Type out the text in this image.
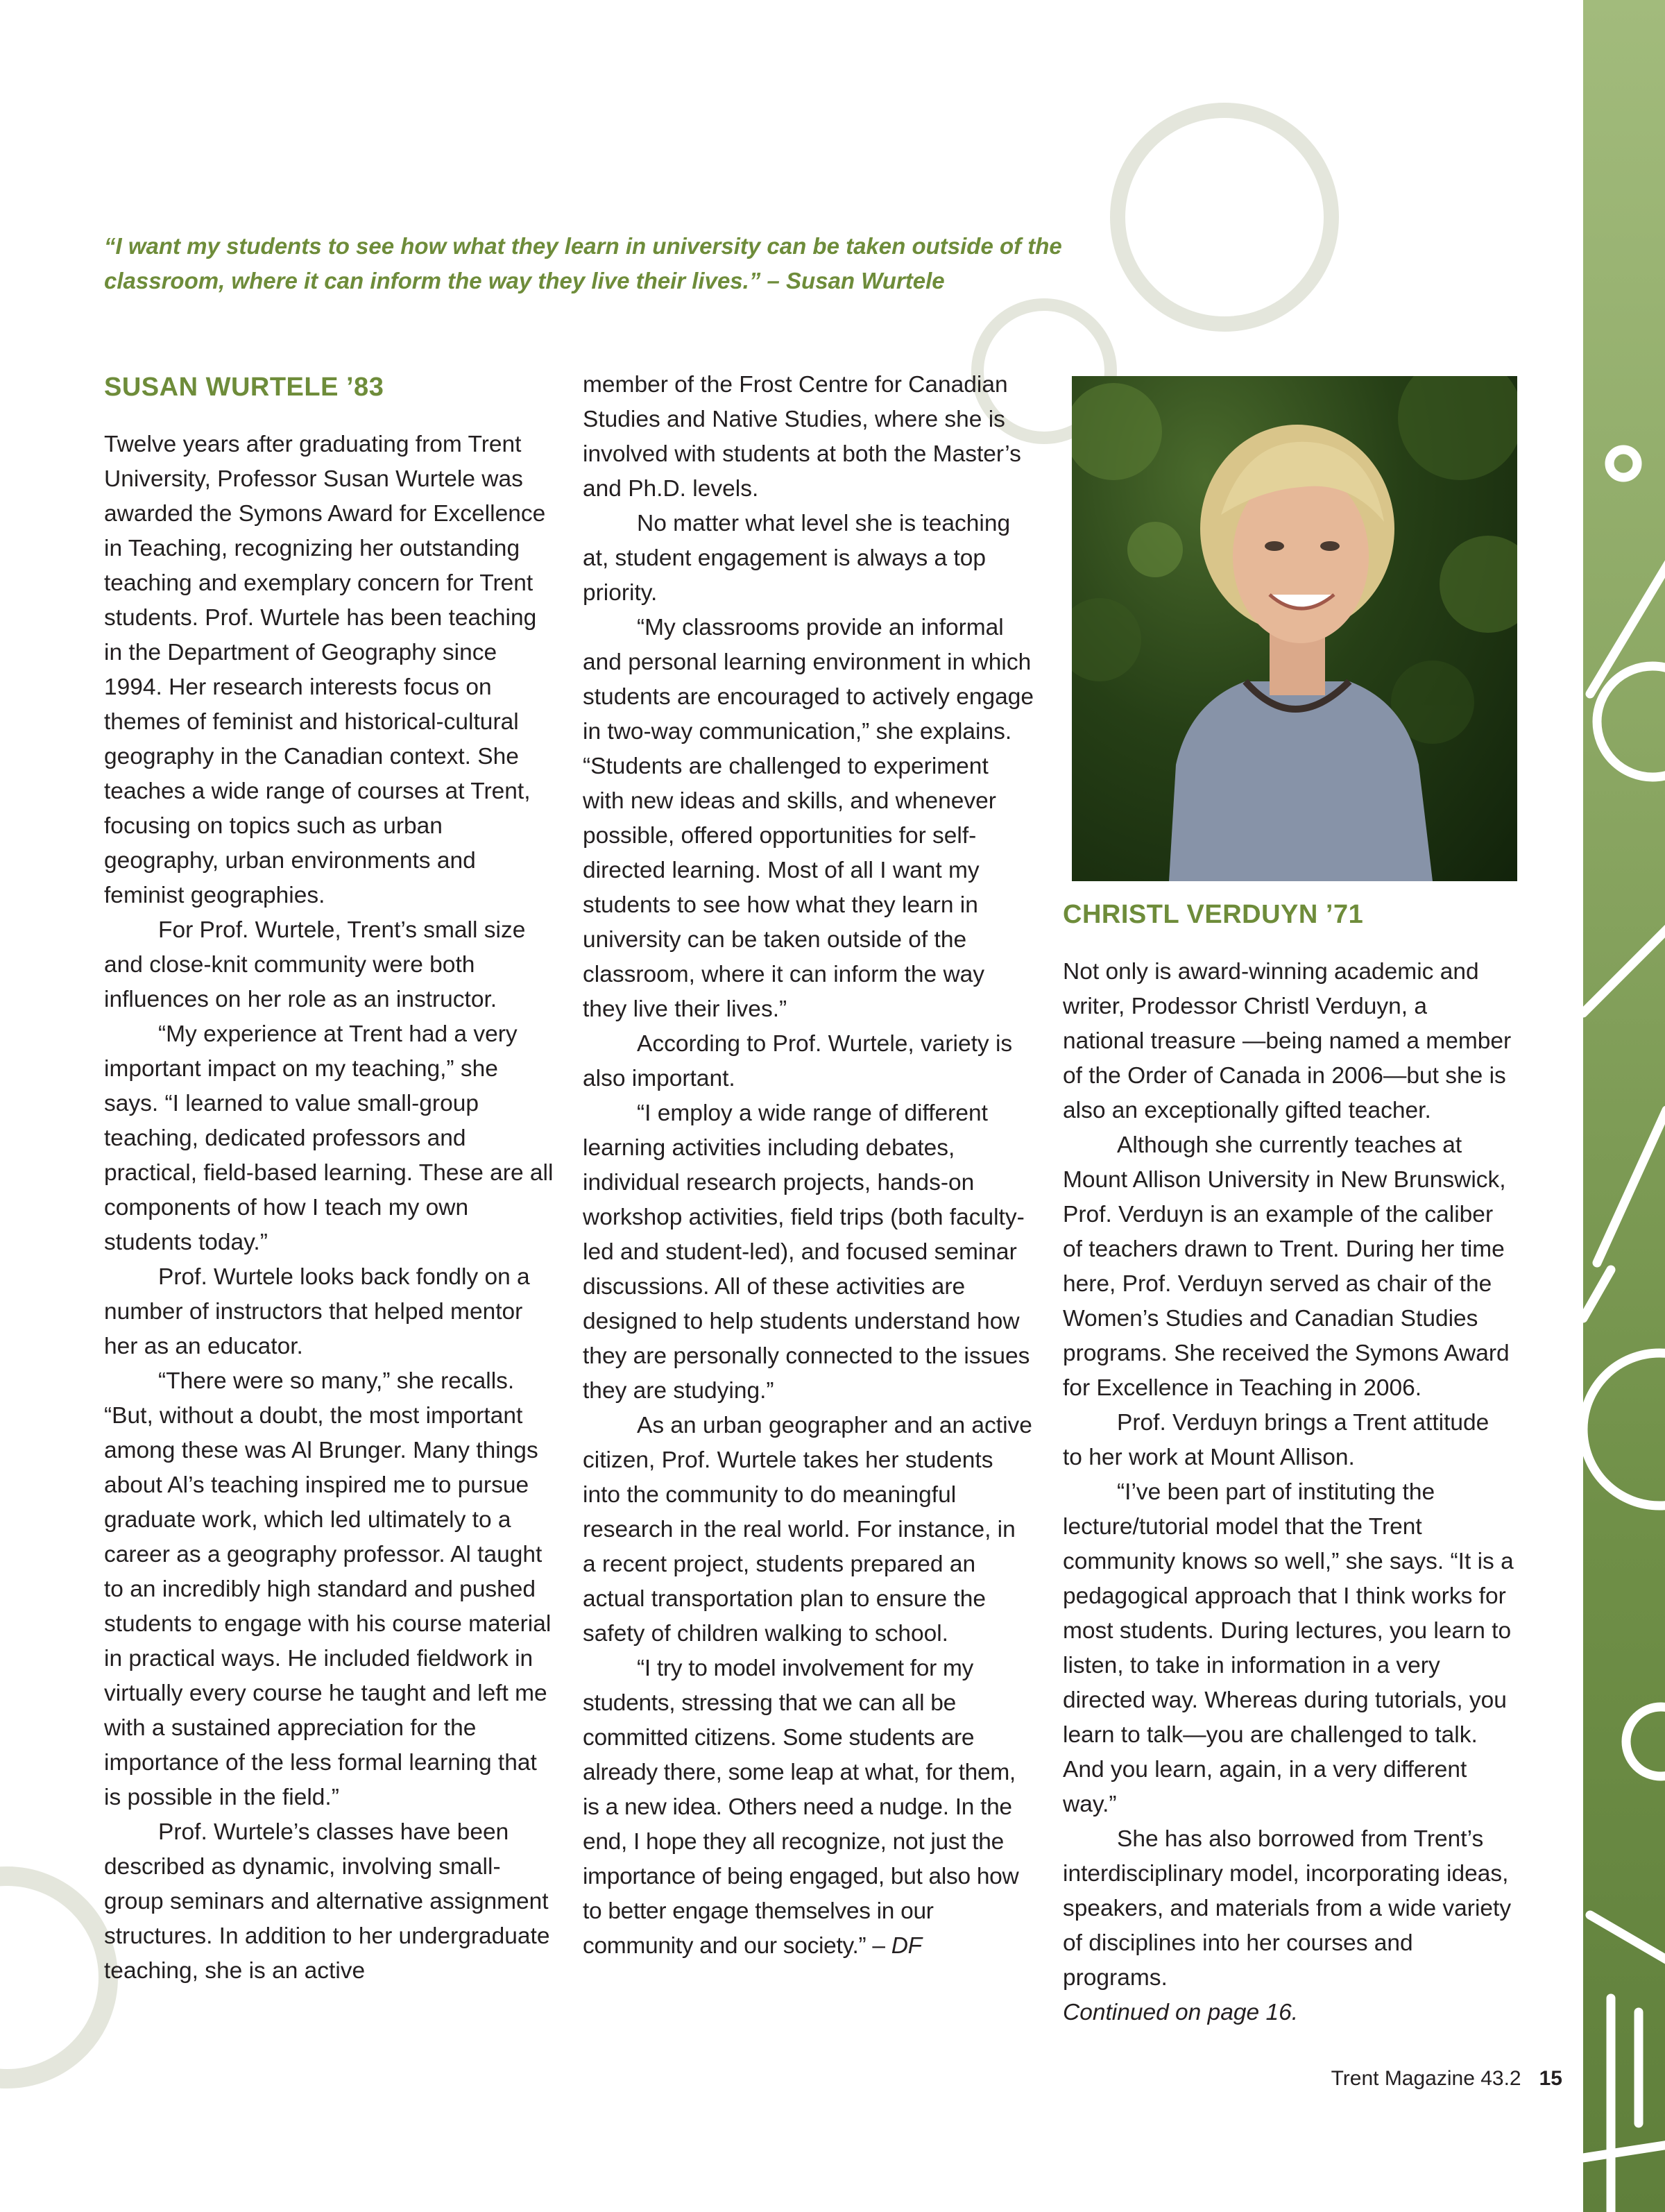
“I want my students to see how what they learn in university can be taken outside of the classroom, where it can inform the way they live their lives.” – Susan Wurtele
SUSAN WURTELE ’83

Twelve years after graduating from Trent University, Professor Susan Wurtele was awarded the Symons Award for Excellence in Teaching, recognizing her outstanding teaching and exemplary concern for Trent students. Prof. Wurtele has been teaching in the Department of Geography since 1994. Her research interests focus on themes of feminist and historical-cultural geography in the Canadian context. She teaches a wide range of courses at Trent, focusing on topics such as urban geography, urban environments and feminist geographies.

For Prof. Wurtele, Trent’s small size and close-knit community were both influences on her role as an instructor.

“My experience at Trent had a very important impact on my teaching,” she says. “I learned to value small-group teaching, dedicated professors and practical, field-based learning. These are all components of how I teach my own students today.”

Prof. Wurtele looks back fondly on a number of instructors that helped mentor her as an educator.

“There were so many,” she recalls. “But, without a doubt, the most important among these was Al Brunger. Many things about Al’s teaching inspired me to pursue graduate work, which led ultimately to a career as a geography professor. Al taught to an incredibly high standard and pushed students to engage with his course material in practical ways. He included fieldwork in virtually every course he taught and left me with a sustained appreciation for the importance of the less formal learning that is possible in the field.”

Prof. Wurtele’s classes have been described as dynamic, involving small-group seminars and alternative assignment structures. In addition to her undergraduate teaching, she is an active

member of the Frost Centre for Canadian Studies and Native Studies, where she is involved with students at both the Master’s and Ph.D. levels.

No matter what level she is teaching at, student engagement is always a top priority.

“My classrooms provide an informal and personal learning environment in which students are encouraged to actively engage in two-way communication,” she explains. “Students are challenged to experiment with new ideas and skills, and whenever possible, offered opportunities for self-directed learning. Most of all I want my students to see how what they learn in university can be taken outside of the classroom, where it can inform the way they live their lives.”

According to Prof. Wurtele, variety is also important.

“I employ a wide range of different learning activities including debates, individual research projects, hands-on workshop activities, field trips (both faculty-led and student-led), and focused seminar discussions. All of these activities are designed to help students understand how they are personally connected to the issues they are studying.”

As an urban geographer and an active citizen, Prof. Wurtele takes her students into the community to do meaningful research in the real world. For instance, in a recent project, students prepared an actual transportation plan to ensure the safety of children walking to school.

“I try to model involvement for my students, stressing that we can all be committed citizens. Some students are already there, some leap at what, for them, is a new idea. Others need a nudge. In the end, I hope they all recognize, not just the importance of being engaged, but also how to better engage themselves in our community and our society.” – DF

CHRISTL VERDUYN ’71

Not only is award-winning academic and writer, Prodessor Christl Verduyn, a national treasure —being named a member of the Order of Canada in 2006—but she is also an exceptionally gifted teacher.

Although she currently teaches at Mount Allison University in New Brunswick, Prof. Verduyn is an example of the caliber of teachers drawn to Trent. During her time here, Prof. Verduyn served as chair of the Women’s Studies and Canadian Studies programs. She received the Symons Award for Excellence in Teaching in 2006.

Prof. Verduyn brings a Trent attitude to her work at Mount Allison.

“I’ve been part of instituting the lecture/tutorial model that the Trent community knows so well,” she says. “It is a pedagogical approach that I think works for most students. During lectures, you learn to listen, to take in information in a very directed way. Whereas during tutorials, you learn to talk—you are challenged to talk. And you learn, again, in a very different way.”

She has also borrowed from Trent’s interdisciplinary model, incorporating ideas, speakers, and materials from a wide variety of disciplines into her courses and programs.

Continued on page 16.

Trent Magazine 43.2 15
